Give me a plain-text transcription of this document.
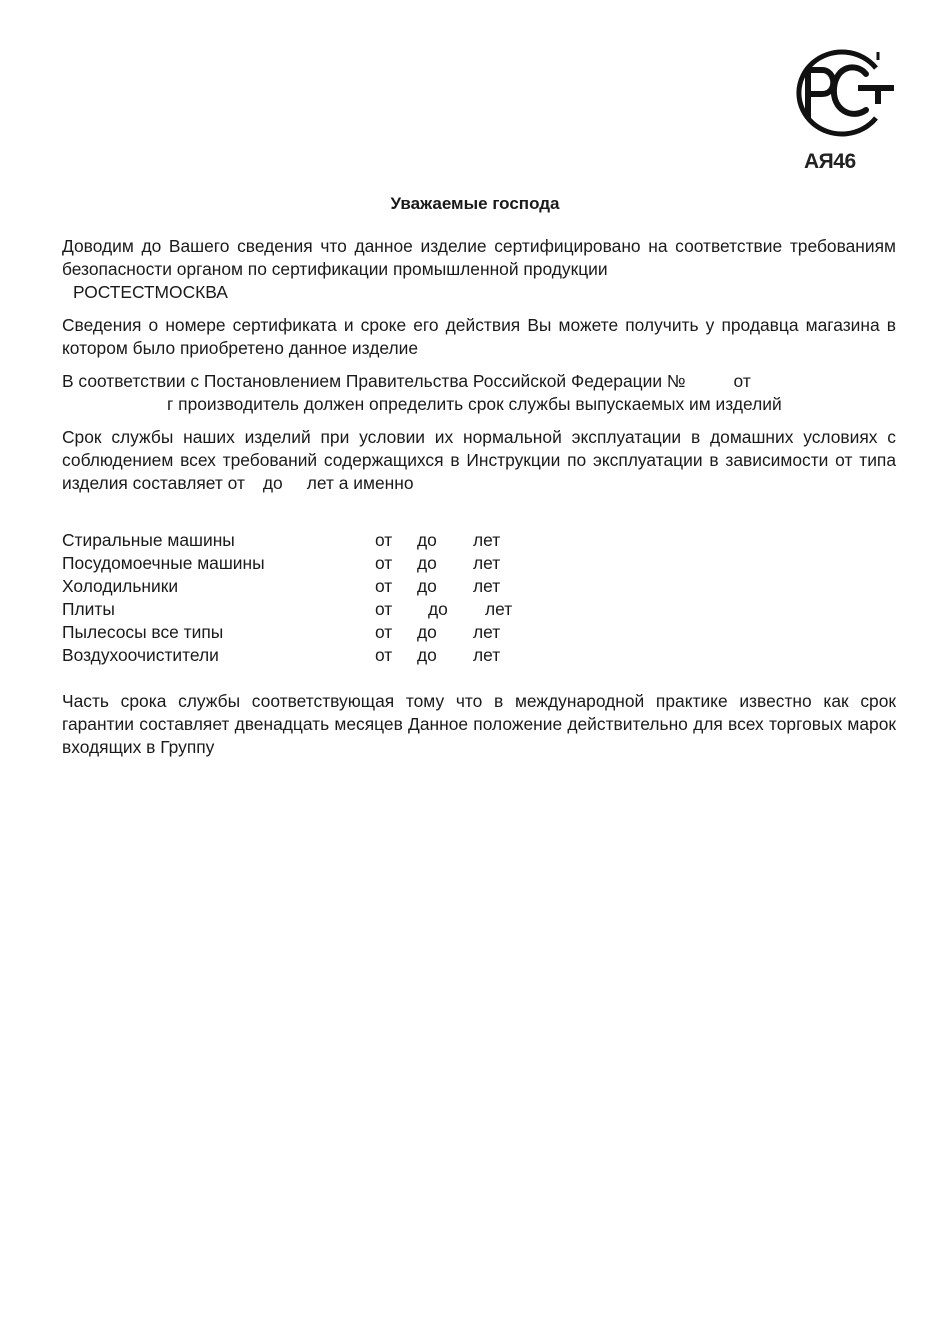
АЯ46
Уважаемые господа

Доводим до Вашего сведения что данное изделие сертифицировано на соответствие требованиям безопасности органом по сертификации промышленной продукции
РОСТЕСТМОСКВА

Сведения о номере сертификата и сроке его действия Вы можете получить у продавца магазина в котором было приобретено данное изделие

В соответствии с Постановлением Правительства Российской Федерации №	от
г производитель должен определить срок службы выпускаемых им изделий

Срок службы наших изделий при условии их нормальной эксплуатации в домашних условиях с соблюдением всех требований содержащихся в Инструкции по эксплуатации в зависимости от типа изделия составляет от до лет а именно

Стиральные машины	от до лет
Посудомоечные машины	от до лет
Холодильники	от до лет
Плиты	от до лет
Пылесосы все типы	от до лет
Воздухоочистители	от до лет

Часть срока службы соответствующая тому что в международной практике известно как срок гарантии составляет двенадцать месяцев Данное положение действительно для всех торговых марок входящих в Группу
